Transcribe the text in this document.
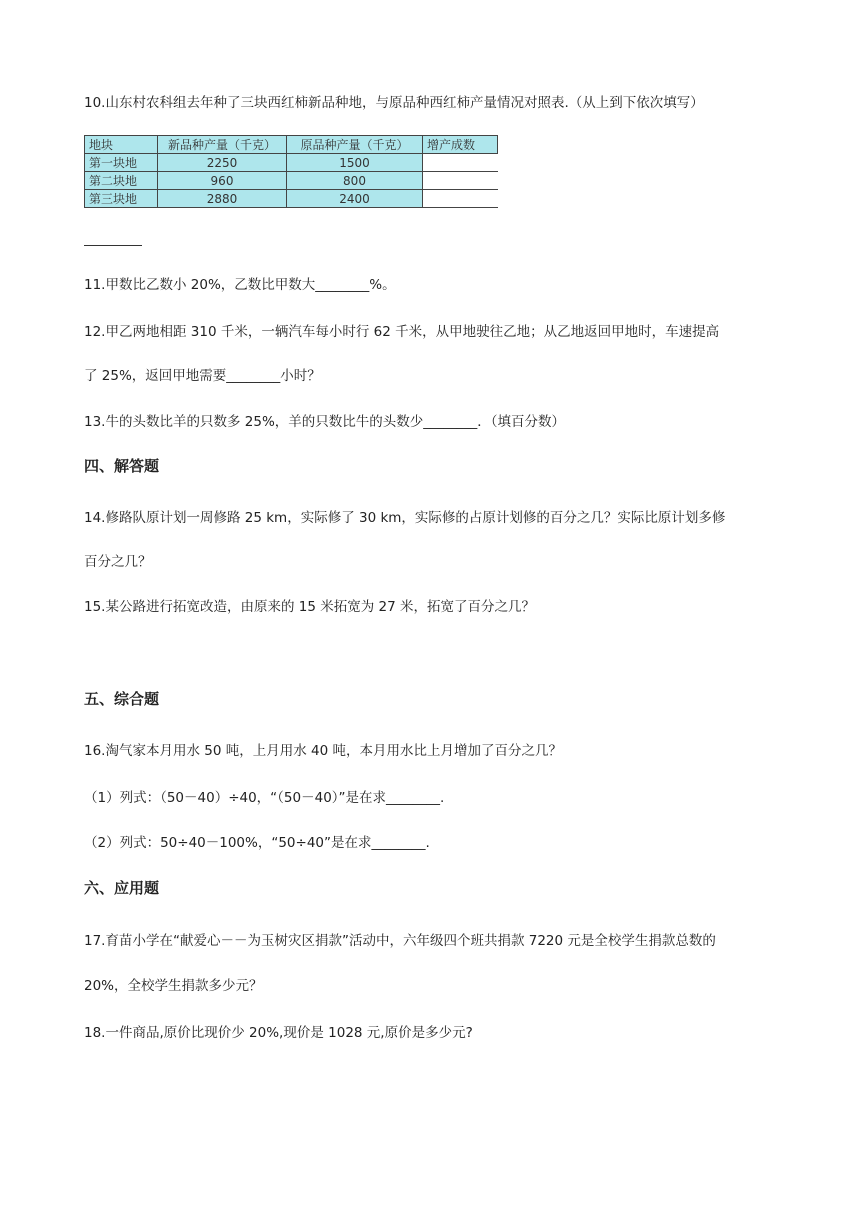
10.山东村农科组去年种了三块西红柿新品种地，与原品种西红柿产量情况对照表.（从上到下依次填写）
地块	新品种产量（千克）	原品种产量（千克）	增产成数
第一块地	2250	1500	
第二块地	960	800	
第三块地	2880	2400	
11.甲数比乙数小 20%，乙数比甲数大________%。
12.甲乙两地相距 310 千米，一辆汽车每小时行 62 千米，从甲地驶往乙地；从乙地返回甲地时，车速提高
了 25%，返回甲地需要________小时？
13.牛的头数比羊的只数多 25%，羊的只数比牛的头数少________．（填百分数）
四、解答题
14.修路队原计划一周修路 25 km，实际修了 30 km，实际修的占原计划修的百分之几？实际比原计划多修
百分之几？
15.某公路进行拓宽改造，由原来的 15 米拓宽为 27 米，拓宽了百分之几？
五、综合题
16.淘气家本月用水 50 吨，上月用水 40 吨，本月用水比上月增加了百分之几？
（1）列式：（50－40）÷40，“（50－40）”是在求________.
（2）列式：50÷40－100%，“50÷40”是在求________.
六、应用题
17.育苗小学在“献爱心－－为玉树灾区捐款”活动中，六年级四个班共捐款 7220 元是全校学生捐款总数的
20%，全校学生捐款多少元？
18.一件商品,原价比现价少 20%,现价是 1028 元,原价是多少元?
